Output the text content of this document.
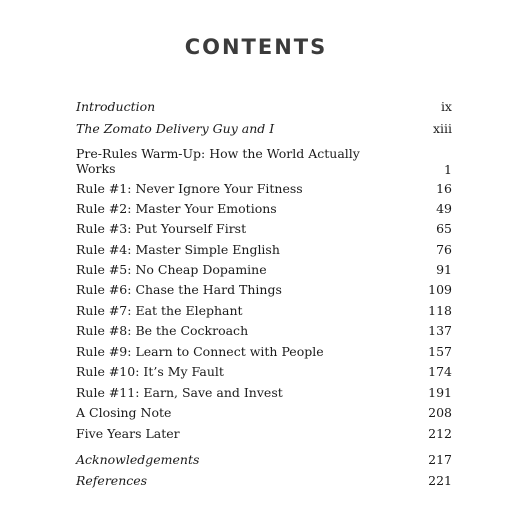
CONTENTS
Introduction	ix
The Zomato Delivery Guy and I	xiii
Pre-Rules Warm-Up: How the World Actually Works	1
Rule #1: Never Ignore Your Fitness	16
Rule #2: Master Your Emotions	49
Rule #3: Put Yourself First	65
Rule #4: Master Simple English	76
Rule #5: No Cheap Dopamine	91
Rule #6: Chase the Hard Things	109
Rule #7: Eat the Elephant	118
Rule #8: Be the Cockroach	137
Rule #9: Learn to Connect with People	157
Rule #10: It’s My Fault	174
Rule #11: Earn, Save and Invest	191
A Closing Note	208
Five Years Later	212
Acknowledgements	217
References	221
